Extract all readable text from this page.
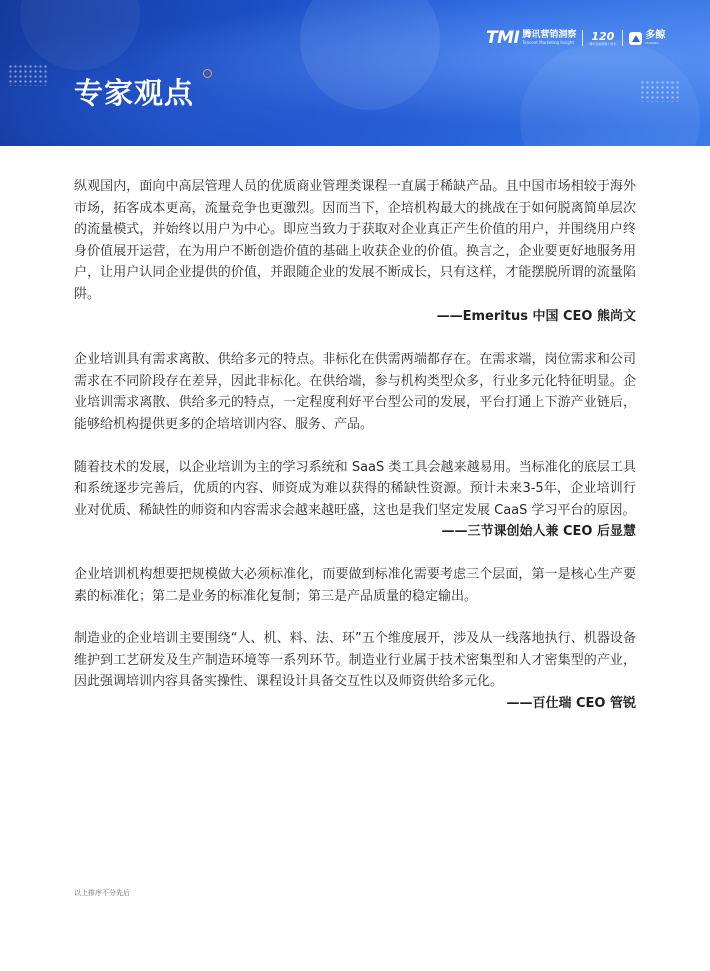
专家观点
TMI 腾讯营销洞察
Tencent Marketing Insight 120
腾讯营销洞察十周年
多鲸
DUOJING

纵观国内，面向中高层管理人员的优质商业管理类课程一直属于稀缺产品。且中国市场相较于海外市场，拓客成本更高，流量竞争也更激烈。因而当下，企培机构最大的挑战在于如何脱离简单层次的流量模式，并始终以用户为中心。即应当致力于获取对企业真正产生价值的用户，并围绕用户终身价值展开运营，在为用户不断创造价值的基础上收获企业的价值。换言之，企业要更好地服务用户，让用户认同企业提供的价值，并跟随企业的发展不断成长，只有这样，才能摆脱所谓的流量陷阱。

——Emeritus 中国 CEO 熊尚文

企业培训具有需求离散、供给多元的特点。非标化在供需两端都存在。在需求端，岗位需求和公司需求在不同阶段存在差异，因此非标化。在供给端，参与机构类型众多，行业多元化特征明显。企业培训需求离散、供给多元的特点，一定程度利好平台型公司的发展，平台打通上下游产业链后，能够给机构提供更多的企培培训内容、服务、产品。

随着技术的发展，以企业培训为主的学习系统和 SaaS 类工具会越来越易用。当标准化的底层工具和系统逐步完善后，优质的内容、师资成为难以获得的稀缺性资源。预计未来3-5年，企业培训行业对优质、稀缺性的师资和内容需求会越来越旺盛，这也是我们坚定发展 CaaS 学习平台的原因。

——三节课创始人兼 CEO 后显慧

企业培训机构想要把规模做大必须标准化，而要做到标准化需要考虑三个层面，第一是核心生产要素的标准化；第二是业务的标准化复制；第三是产品质量的稳定输出。

制造业的企业培训主要围绕“人、机、料、法、环”五个维度展开，涉及从一线落地执行、机器设备维护到工艺研发及生产制造环境等一系列环节。制造业行业属于技术密集型和人才密集型的产业，因此强调培训内容具备实操性、课程设计具备交互性以及师资供给多元化。

——百仕瑞 CEO 管锐

以上排序不分先后
